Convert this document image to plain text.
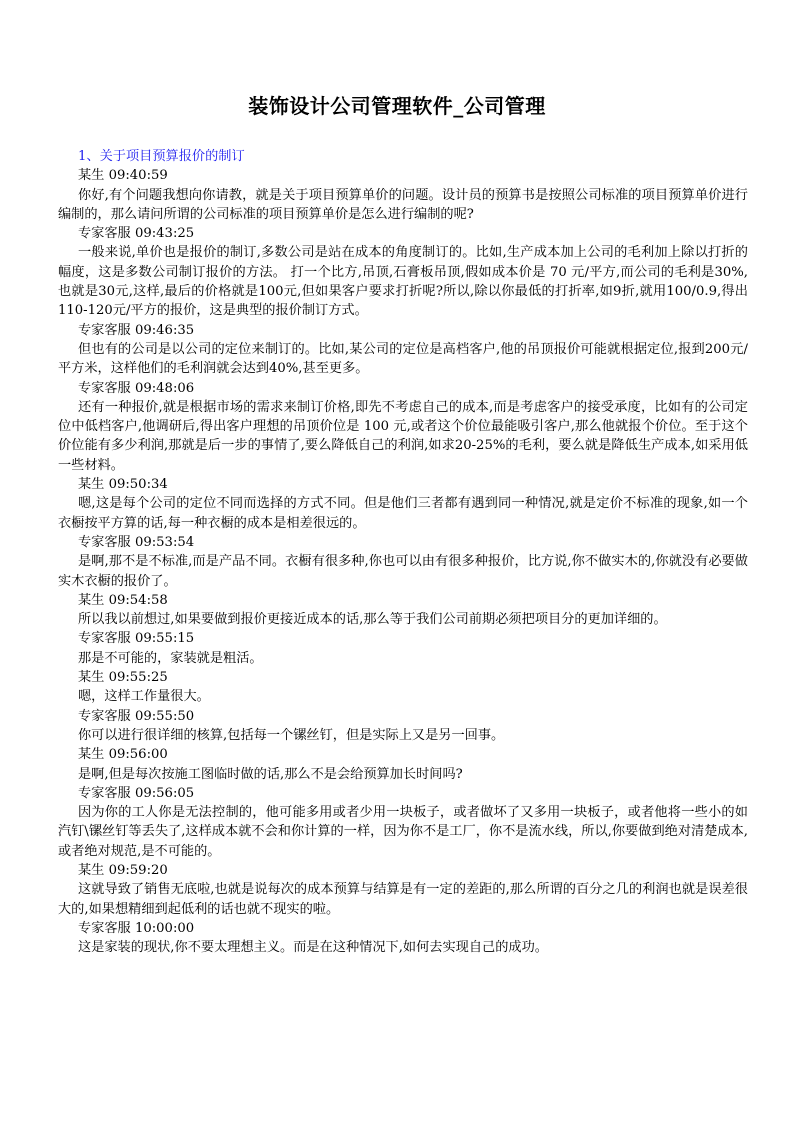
装饰设计公司管理软件_公司管理
1、关于项目预算报价的制订
某生 09:40:59
你好,有个问题我想向你请教，就是关于项目预算单价的问题。设计员的预算书是按照公司标准的项目预算单价进行编制的，那么请问所谓的公司标准的项目预算单价是怎么进行编制的呢?
专家客服 09:43:25
一般来说,单价也是报价的制订,多数公司是站在成本的角度制订的。比如,生产成本加上公司的毛利加上除以打折的幅度，这是多数公司制订报价的方法。 打一个比方,吊顶,石膏板吊顶,假如成本价是 70 元/平方,而公司的毛利是30%,也就是30元,这样,最后的价格就是100元,但如果客户要求打折呢?所以,除以你最低的打折率,如9折,就用100/0.9,得出110-120元/平方的报价，这是典型的报价制订方式。
专家客服 09:46:35
但也有的公司是以公司的定位来制订的。比如,某公司的定位是高档客户,他的吊顶报价可能就根据定位,报到200元/平方米，这样他们的毛利润就会达到40%,甚至更多。
专家客服 09:48:06
还有一种报价,就是根据市场的需求来制订价格,即先不考虑自己的成本,而是考虑客户的接受承度，比如有的公司定位中低档客户,他调研后,得出客户理想的吊顶价位是 100 元,或者这个价位最能吸引客户,那么他就报个价位。至于这个价位能有多少利润,那就是后一步的事情了,要么降低自己的利润,如求20-25%的毛利，要么就是降低生产成本,如采用低一些材料。
某生 09:50:34
嗯,这是每个公司的定位不同而选择的方式不同。但是他们三者都有遇到同一种情况,就是定价不标准的现象,如一个衣橱按平方算的话,每一种衣橱的成本是相差很远的。
专家客服 09:53:54
是啊,那不是不标准,而是产品不同。衣橱有很多种,你也可以由有很多种报价，比方说,你不做实木的,你就没有必要做实木衣橱的报价了。
某生 09:54:58
所以我以前想过,如果要做到报价更接近成本的话,那么等于我们公司前期必须把项目分的更加详细的。
专家客服 09:55:15
那是不可能的，家装就是粗活。
某生 09:55:25
嗯，这样工作量很大。
专家客服 09:55:50
你可以进行很详细的核算,包括每一个镙丝钉，但是实际上又是另一回事。
某生 09:56:00
是啊,但是每次按施工图临时做的话,那么不是会给预算加长时间吗?
专家客服 09:56:05
因为你的工人你是无法控制的，他可能多用或者少用一块板子，或者做坏了又多用一块板子，或者他将一些小的如汽钉\镙丝钉等丢失了,这样成本就不会和你计算的一样，因为你不是工厂，你不是流水线，所以,你要做到绝对清楚成本,或者绝对规范,是不可能的。
某生 09:59:20
这就导致了销售无底啦,也就是说每次的成本预算与结算是有一定的差距的,那么所谓的百分之几的利润也就是误差很大的,如果想精细到起低利的话也就不现实的啦。
专家客服 10:00:00
这是家装的现状,你不要太理想主义。而是在这种情况下,如何去实现自己的成功。
